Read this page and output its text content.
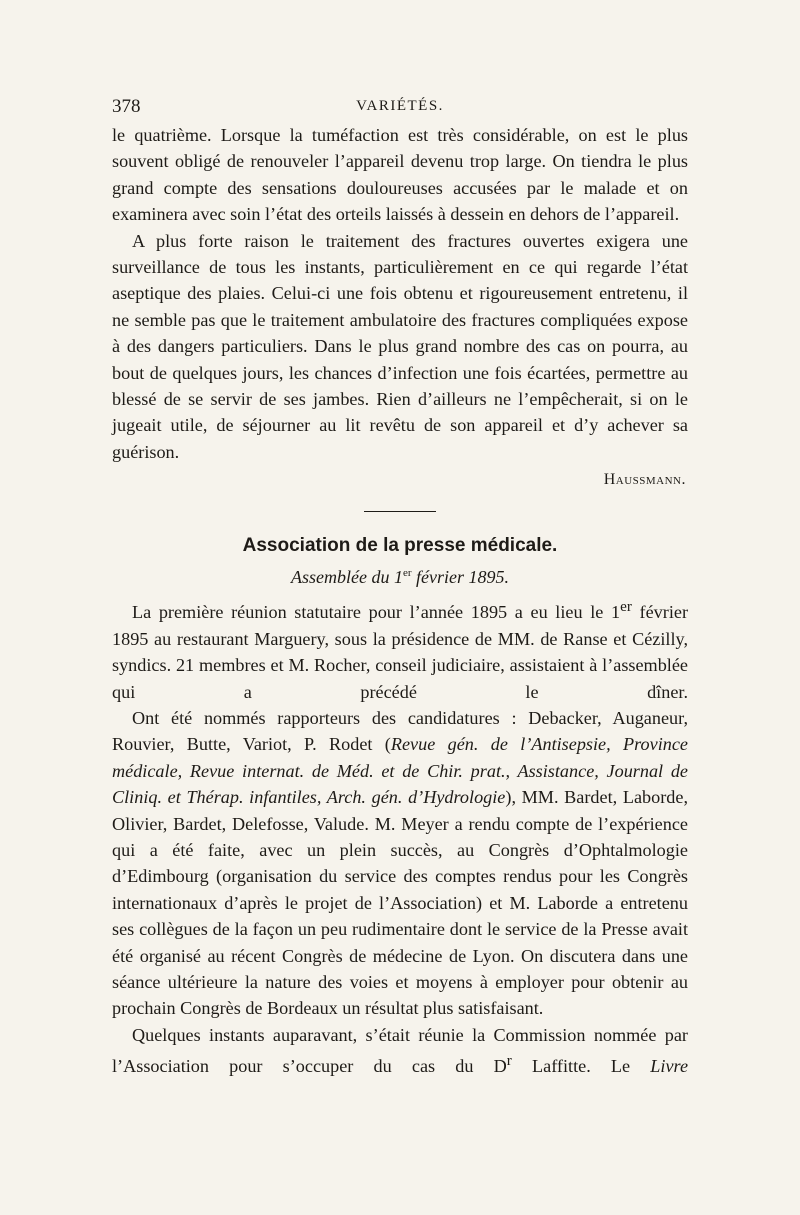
378	VARIÉTÉS.

le quatrième. Lorsque la tuméfaction est très considérable, on est le plus souvent obligé de renouveler l’appareil devenu trop large. On tiendra le plus grand compte des sensations douloureuses accusées par le malade et on examinera avec soin l’état des orteils laissés à dessein en dehors de l’appareil.

A plus forte raison le traitement des fractures ouvertes exigera une surveillance de tous les instants, particulièrement en ce qui regarde l’état aseptique des plaies. Celui-ci une fois obtenu et rigoureusement entretenu, il ne semble pas que le traitement ambulatoire des fractures compliquées expose à des dangers particuliers. Dans le plus grand nombre des cas on pourra, au bout de quelques jours, les chances d’infection une fois écartées, permettre au blessé de se servir de ses jambes. Rien d’ailleurs ne l’empêcherait, si on le jugeait utile, de séjourner au lit revêtu de son appareil et d’y achever sa guérison.

Haussmann.
Association de la presse médicale.
Assemblée du 1er février 1895.

La première réunion statutaire pour l’année 1895 a eu lieu le 1er février 1895 au restaurant Marguery, sous la présidence de MM. de Ranse et Cézilly, syndics. 21 membres et M. Rocher, conseil judiciaire, assistaient à l’assemblée qui a précédé le dîner.

Ont été nommés rapporteurs des candidatures : Debacker, Auganeur, Rouvier, Butte, Variot, P. Rodet (Revue gén. de l’Antisepsie, Province médicale, Revue internat. de Méd. et de Chir. prat., Assistance, Journal de Cliniq. et Thérap. infantiles, Arch. gén. d’Hydrologie), MM. Bardet, Laborde, Olivier, Bardet, Delefosse, Valude. M. Meyer a rendu compte de l’expérience qui a été faite, avec un plein succès, au Congrès d’Ophtalmologie d’Edimbourg (organisation du service des comptes rendus pour les Congrès internationaux d’après le projet de l’Association) et M. Laborde a entretenu ses collègues de la façon un peu rudimentaire dont le service de la Presse avait été organisé au récent Congrès de médecine de Lyon. On discutera dans une séance ultérieure la nature des voies et moyens à employer pour obtenir au prochain Congrès de Bordeaux un résultat plus satisfaisant.

Quelques instants auparavant, s’était réunie la Commission nommée par l’Association pour s’occuper du cas du $D^r$ Laffitte. Le Livre
